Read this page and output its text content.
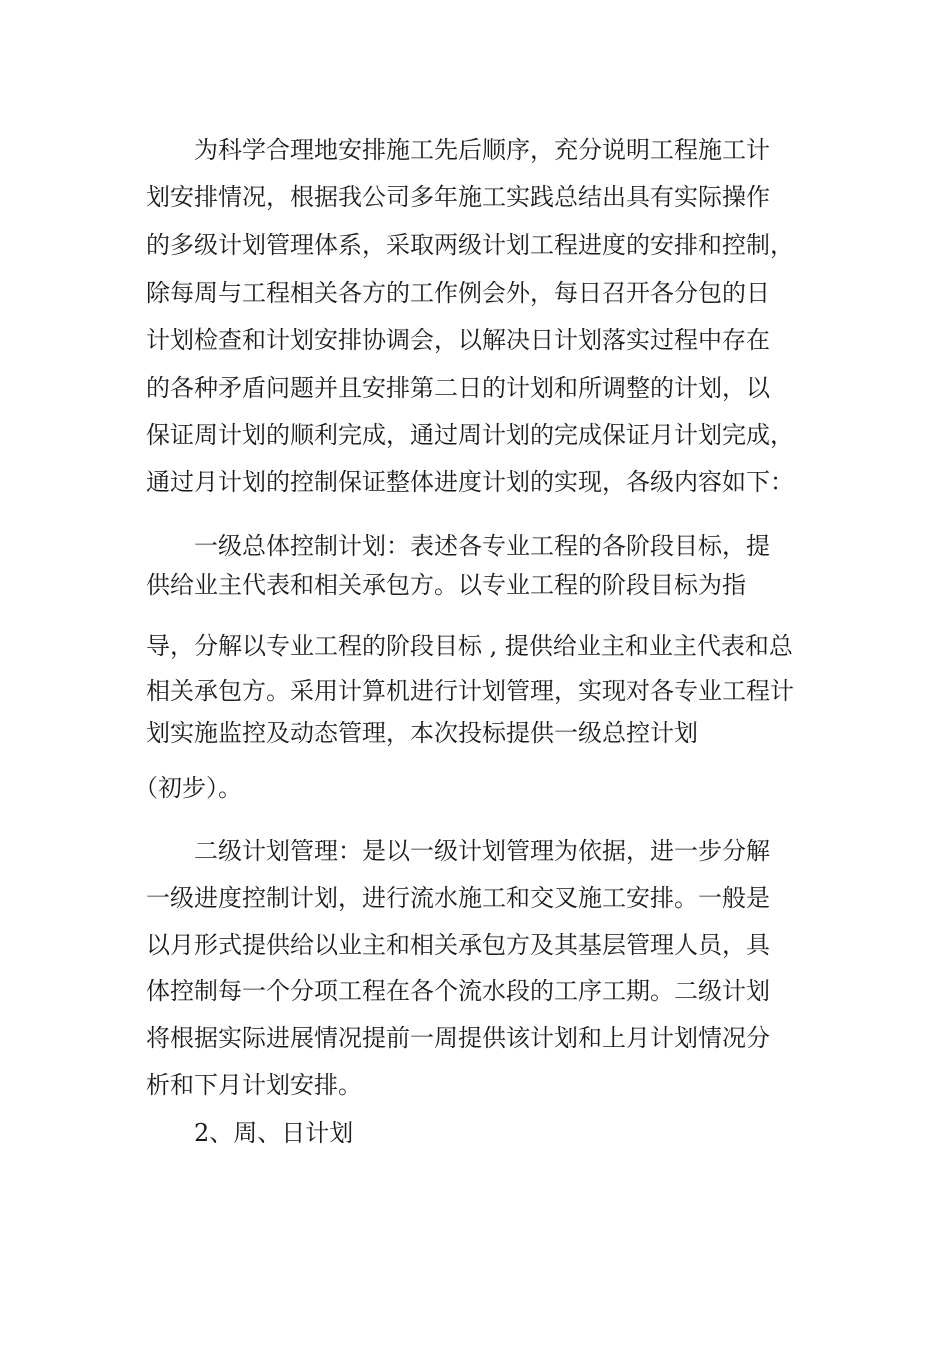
为科学合理地安排施工先后顺序，充分说明工程施工计
划安排情况，根据我公司多年施工实践总结出具有实际操作
的多级计划管理体系，采取两级计划工程进度的安排和控制，
除每周与工程相关各方的工作例会外，每日召开各分包的日
计划检查和计划安排协调会，以解决日计划落实过程中存在
的各种矛盾问题并且安排第二日的计划和所调整的计划，以
保证周计划的顺利完成，通过周计划的完成保证月计划完成，
通过月计划的控制保证整体进度计划的实现，各级内容如下：
一级总体控制计划：表述各专业工程的各阶段目标，提
供给业主代表和相关承包方。以专业工程的阶段目标为指
导，分解以专业工程的阶段目标 , 提供给业主和业主代表和总
相关承包方。采用计算机进行计划管理，实现对各专业工程计
划实施监控及动态管理，本次投标提供一级总控计划
（初步）。
二级计划管理：是以一级计划管理为依据，进一步分解
一级进度控制计划，进行流水施工和交叉施工安排。一般是
以月形式提供给以业主和相关承包方及其基层管理人员，具
体控制每一个分项工程在各个流水段的工序工期。二级计划
将根据实际进展情况提前一周提供该计划和上月计划情况分
析和下月计划安排。
2、周、日计划
